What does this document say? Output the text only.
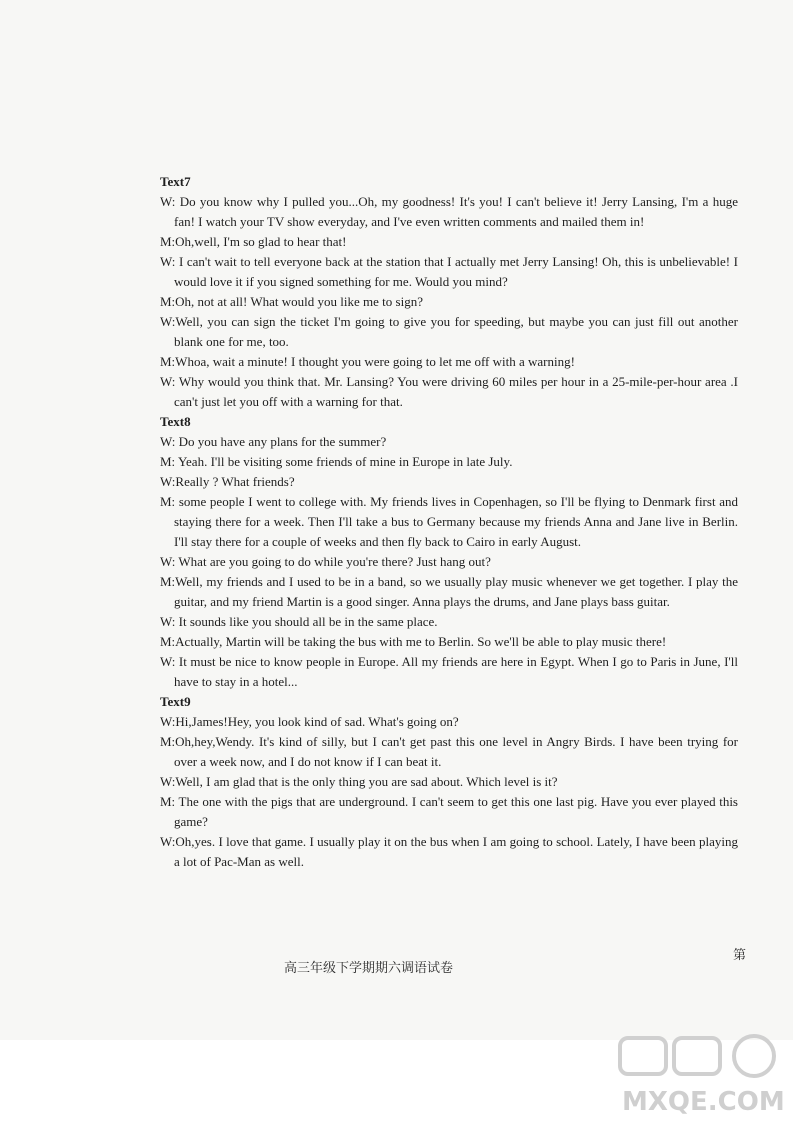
Text7

W: Do you know why I pulled you...Oh, my goodness! It's you! I can't believe it! Jerry Lansing, I'm a huge fan! I watch your TV show everyday, and I've even written comments and mailed them in!

M:Oh,well, I'm so glad to hear that!

W: I can't wait to tell everyone back at the station that I actually met Jerry Lansing! Oh, this is unbelievable! I would love it if you signed something for me. Would you mind?

M:Oh, not at all! What would you like me to sign?

W:Well, you can sign the ticket I'm going to give you for speeding, but maybe you can just fill out another blank one for me, too.

M:Whoa, wait a minute! I thought you were going to let me off with a warning!

W: Why would you think that. Mr. Lansing? You were driving 60 miles per hour in a 25-mile-per-hour area .I can't just let you off with a warning for that.

Text8

W: Do you have any plans for the summer?

M: Yeah. I'll be visiting some friends of mine in Europe in late July.

W:Really ? What friends?

M: some people I went to college with. My friends lives in Copenhagen, so I'll be flying to Denmark first and staying there for a week. Then I'll take a bus to Germany because my friends Anna and Jane live in Berlin. I'll stay there for a couple of weeks and then fly back to Cairo in early August.

W: What are you going to do while you're there? Just hang out?

M:Well, my friends and I used to be in a band, so we usually play music whenever we get together. I play the guitar, and my friend Martin is a good singer. Anna plays the drums, and Jane plays bass guitar.

W: It sounds like you should all be in the same place.

M:Actually, Martin will be taking the bus with me to Berlin. So we'll be able to play music there!

W: It must be nice to know people in Europe. All my friends are here in Egypt. When I go to Paris in June, I'll have to stay in a hotel...

Text9

W:Hi,James!Hey, you look kind of sad. What's going on?

M:Oh,hey,Wendy. It's kind of silly, but I can't get past this one level in Angry Birds. I have been trying for over a week now, and I do not know if I can beat it.

W:Well, I am glad that is the only thing you are sad about. Which level is it?

M: The one with the pigs that are underground. I can't seem to get this one last pig. Have you ever played this game?

W:Oh,yes. I love that game. I usually play it on the bus when I am going to school. Lately, I have been playing a lot of Pac-Man as well.

高三年级下学期期六调语试卷
第
MXQE.COM
